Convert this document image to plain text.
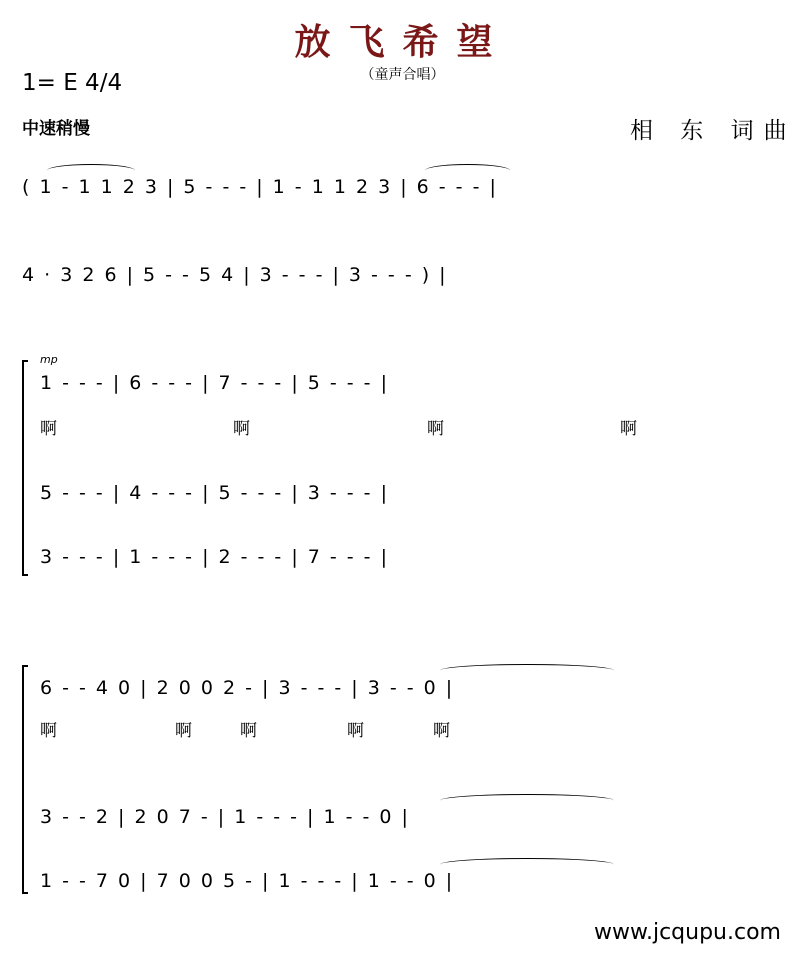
放飞希望
（童声合唱）
1= E 4/4
中速稍慢	相 东 词曲
( 1 - 1 1 2 3 | 5 - - - | 1 - 1 1 2 3 | 6 - - - |
4 · 3 2 6 | 5 - - 5 4 | 3 - - - | 3 - - - ) |
mp
1 - - - | 6 - - - | 7 - - - | 5 - - - |
啊	啊	啊	啊
5 - - - | 4 - - - | 5 - - - | 3 - - - |
3 - - - | 1 - - - | 2 - - - | 7 - - - |
6 - - 4 0 | 2 0 0 2 - | 3 - - - | 3 - - 0 |
啊	啊	啊	啊	啊
3 - - 2 | 2 0 7 - | 1 - - - | 1 - - 0 |
1 - - 7 0 | 7 0 0 5 - | 1 - - - | 1 - - 0 |
www.jcqupu.com
